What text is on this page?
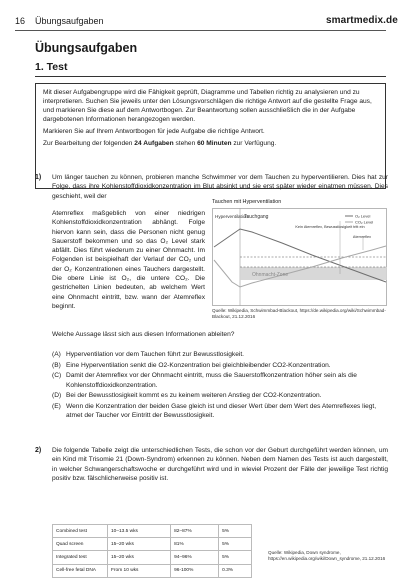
16 Übungsaufgaben	smartmedix.de
Übungsaufgaben
1. Test

Mit dieser Aufgabengruppe wird die Fähigkeit geprüft, Diagramme und Tabellen richtig zu analysieren und zu interpretieren. Suchen Sie jeweils unter den Lösungsvorschlägen die richtige Antwort auf die gestellte Frage aus, und markieren Sie diese auf dem Antwortbogen. Zur Beantwortung sollen ausschließlich die in der Aufgabe dargebotenen Informationen herangezogen werden.

Markieren Sie auf Ihrem Antwortbogen für jede Aufgabe die richtige Antwort.

Zur Bearbeitung der folgenden 24 Aufgaben stehen 60 Minuten zur Verfügung.

1) Um länger tauchen zu können, probieren manche Schwimmer vor dem Tauchen zu hyperventilieren. Dies hat zur Folge, dass ihre Kohlenstoffdioxidkonzentration im Blut absinkt und sie erst später wieder einatmen müssen. Dies geschieht, weil der
Atemreflex maßgeblich von einer niedrigen Kohlenstoffdioxidkonzentration abhängt. Folge hiervon kann sein, dass die Personen nicht genug Sauerstoff bekommen und so das O₂ Level stark abfällt. Dies führt wiederum zu einer Ohnmacht. Im Folgenden ist beispielhaft der Verlauf der CO₂ und der O₂ Konzentrationen eines Tauchers dargestellt. Die obere Linie ist O₂, die untere CO₂. Die gestrichelten Linien bedeuten, ab welchem Wert eine Ohnmacht eintritt, bzw. wann der Atemreflex beginnt.
Tauchen mit Hyperventilation
Hyperventilation
Tauchgang
Kein Atemreflex, Bewusstlosigkeit tritt ein
Atemreflex
Ohnmacht-Zone
O₂ Level
CO₂ Level
Quelle: Wikipedia, Schwimmbad-Blackout, https://de.wikipedia.org/wiki/Schwimmbad-Blackout, 21.12.2016
Welche Aussage lässt sich aus diesen Informationen ableiten?
(A) Hyperventilation vor dem Tauchen führt zur Bewusstlosigkeit.
(B) Eine Hyperventilation senkt die O2-Konzentration bei gleichbleibender CO2-Konzentration.
(C) Damit der Atemreflex vor der Ohnmacht eintritt, muss die Sauerstoffkonzentration höher sein als die Kohlenstoffdioxidkonzentration.
(D) Bei der Bewusstlosigkeit kommt es zu keinem weiteren Anstieg der CO2-Konzentration.
(E) Wenn die Konzentration der beiden Gase gleich ist und dieser Wert über dem Wert des Atemreflexes liegt, atmet der Taucher vor Eintritt der Bewusstlosigkeit.
2) Die folgende Tabelle zeigt die unterschiedlichen Tests, die schon vor der Geburt durchgeführt werden können, um ein Kind mit Trisomie 21 (Down-Syndrom) erkennen zu können. Neben dem Namen des Tests ist auch dargestellt, in welcher Schwangerschaftswoche er durchgeführt wird und in wieviel Prozent der Fälle der jeweilige Test richtig positiv bzw. fälschlicherweise positiv ist.
Combined test	10–13.5 wks	82–87%	5%
Quad screen	15–20 wks	81%	5%
Integrated test	15–20 wks	94–96%	5%
Cell-free fetal DNA	From 10 wks	96-100%	0.3%
Quelle: Wikipedia, Down syndrome, https://en.wikipedia.org/wiki/Down_syndrome, 21.12.2016
